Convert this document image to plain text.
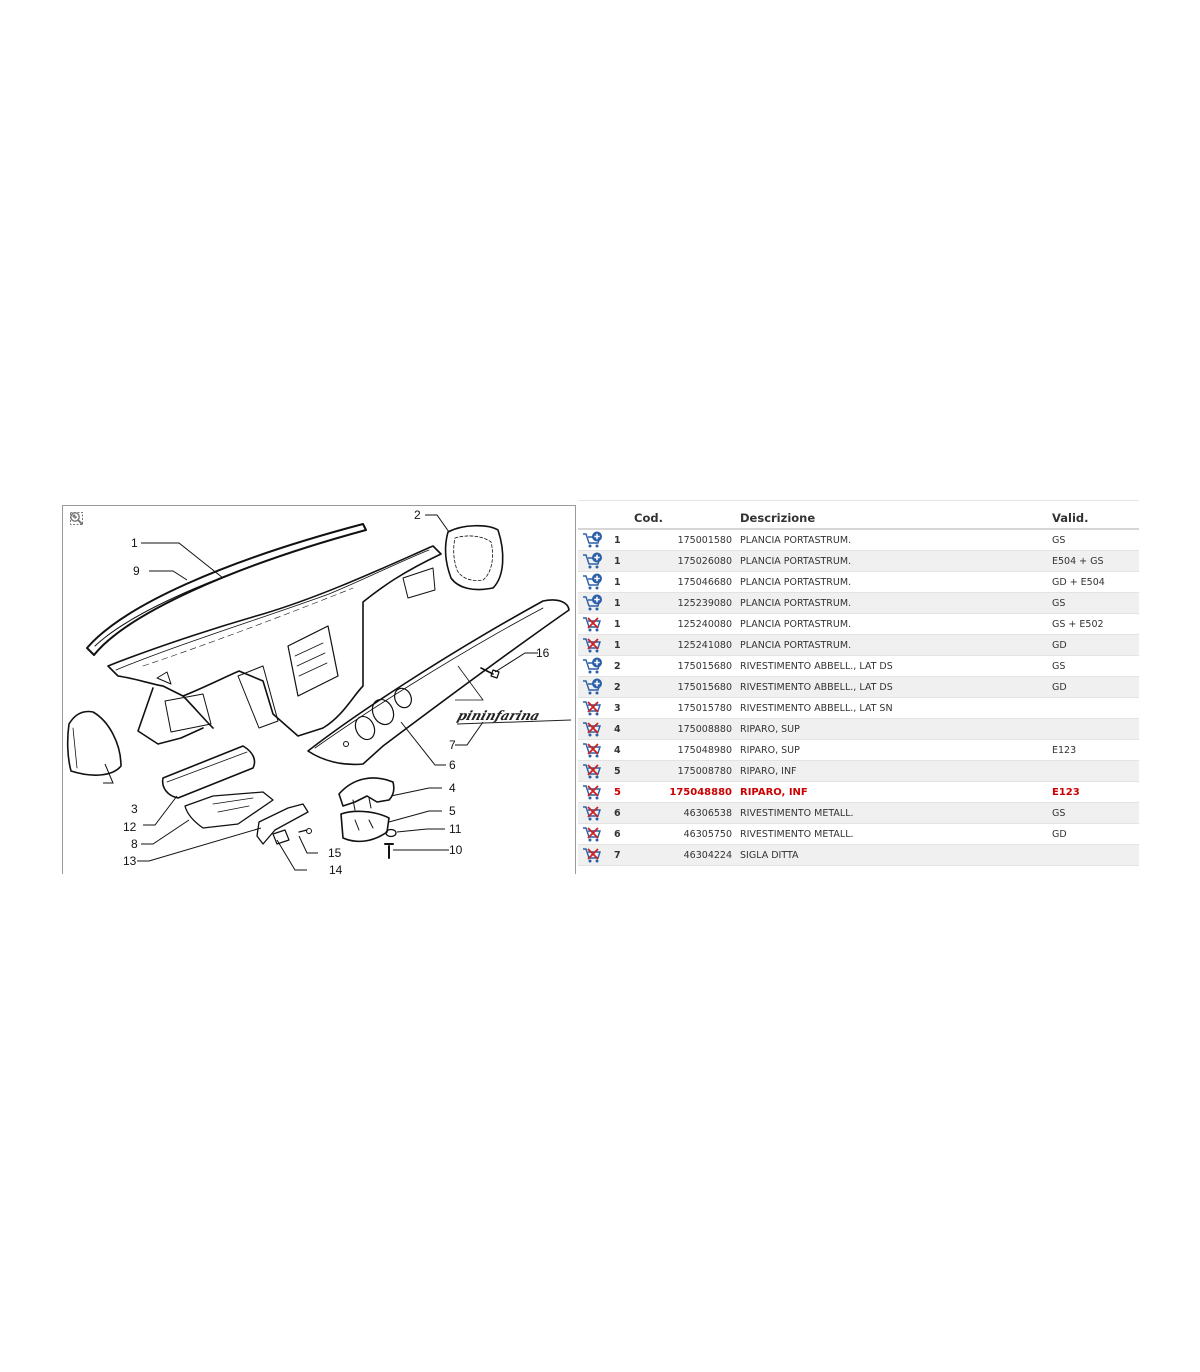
pininfarina
1
9
2
16
7
6
4
5
11
10
3
12
8
13
15
14
		Cod.	Descrizione	Valid.
	1	175001580	PLANCIA PORTASTRUM.	GS
	1	175026080	PLANCIA PORTASTRUM.	E504 + GS
	1	175046680	PLANCIA PORTASTRUM.	GD + E504
	1	125239080	PLANCIA PORTASTRUM.	GS
	1	125240080	PLANCIA PORTASTRUM.	GS + E502
	1	125241080	PLANCIA PORTASTRUM.	GD
	2	175015680	RIVESTIMENTO ABBELL., LAT DS	GS
	2	175015680	RIVESTIMENTO ABBELL., LAT DS	GD
	3	175015780	RIVESTIMENTO ABBELL., LAT SN	
	4	175008880	RIPARO, SUP	
	4	175048980	RIPARO, SUP	E123
	5	175008780	RIPARO, INF	
	5	175048880	RIPARO, INF	E123
	6	46306538	RIVESTIMENTO METALL.	GS
	6	46305750	RIVESTIMENTO METALL.	GD
	7	46304224	SIGLA DITTA	
